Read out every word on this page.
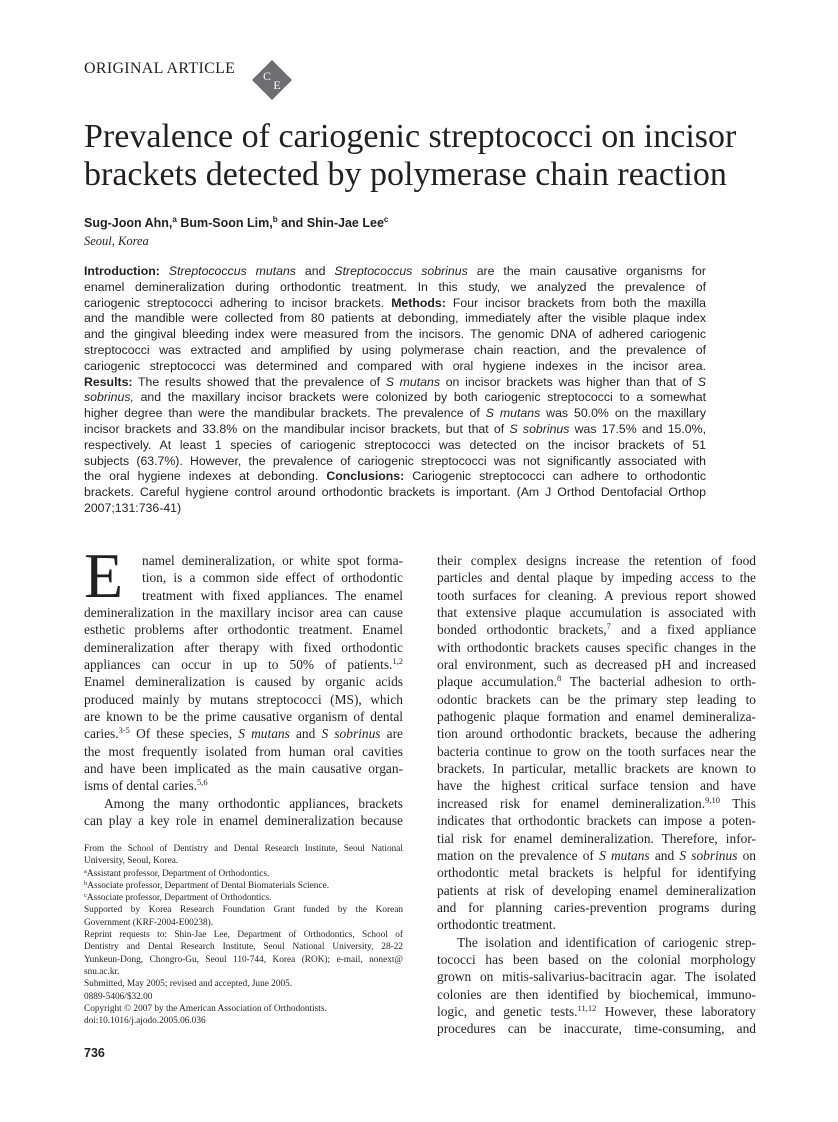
ORIGINAL ARTICLE C
E
Prevalence of cariogenic streptococci on incisor
brackets detected by polymerase chain reaction
Sug-Joon Ahn,$^a$ Bum-Soon Lim,$^b$ and Shin-Jae Lee$^c$
Seoul, Korea
Introduction: Streptococcus mutans and Streptococcus sobrinus are the main causative organisms for
enamel demineralization during orthodontic treatment. In this study, we analyzed the prevalence of
cariogenic streptococci adhering to incisor brackets. Methods: Four incisor brackets from both the maxilla
and the mandible were collected from 80 patients at debonding, immediately after the visible plaque index
and the gingival bleeding index were measured from the incisors. The genomic DNA of adhered cariogenic
streptococci was extracted and amplified by using polymerase chain reaction, and the prevalence of
cariogenic streptococci was determined and compared with oral hygiene indexes in the incisor area.
Results: The results showed that the prevalence of S mutans on incisor brackets was higher than that of S
sobrinus, and the maxillary incisor brackets were colonized by both cariogenic streptococci to a somewhat
higher degree than were the mandibular brackets. The prevalence of S mutans was 50.0% on the maxillary
incisor brackets and 33.8% on the mandibular incisor brackets, but that of S sobrinus was 17.5% and 15.0%,
respectively. At least 1 species of cariogenic streptococci was detected on the incisor brackets of 51
subjects (63.7%). However, the prevalence of cariogenic streptococci was not significantly associated with
the oral hygiene indexes at debonding. Conclusions: Cariogenic streptococci can adhere to orthodontic
brackets. Careful hygiene control around orthodontic brackets is important. (Am J Orthod Dentofacial Orthop
2007;131:736-41)
E	namel demineralization, or white spot forma-
tion, is a common side effect of orthodontic
treatment with fixed appliances. The enamel
demineralization in the maxillary incisor area can cause
esthetic problems after orthodontic treatment. Enamel
demineralization after therapy with fixed orthodontic
appliances can occur in up to 50% of patients.$^{1,2}$
Enamel demineralization is caused by organic acids
produced mainly by mutans streptococci (MS), which
are known to be the prime causative organism of dental
caries.$^{3-5}$ Of these species, S mutans and S sobrinus are
the most frequently isolated from human oral cavities
and have been implicated as the main causative organ-
isms of dental caries.$^{5,6}$
Among the many orthodontic appliances, brackets
can play a key role in enamel demineralization because
their complex designs increase the retention of food
particles and dental plaque by impeding access to the
tooth surfaces for cleaning. A previous report showed
that extensive plaque accumulation is associated with
bonded orthodontic brackets,$^7$ and a fixed appliance
with orthodontic brackets causes specific changes in the
oral environment, such as decreased pH and increased
plaque accumulation.$^8$ The bacterial adhesion to orth-
odontic brackets can be the primary step leading to
pathogenic plaque formation and enamel demineraliza-
tion around orthodontic brackets, because the adhering
bacteria continue to grow on the tooth surfaces near the
brackets. In particular, metallic brackets are known to
have the highest critical surface tension and have
increased risk for enamel demineralization.$^{9,10}$ This
indicates that orthodontic brackets can impose a poten-
tial risk for enamel demineralization. Therefore, infor-
mation on the prevalence of S mutans and S sobrinus on
orthodontic metal brackets is helpful for identifying
patients at risk of developing enamel demineralization
and for planning caries-prevention programs during
orthodontic treatment.
The isolation and identification of cariogenic strep-
tococci has been based on the colonial morphology
grown on mitis-salivarius-bacitracin agar. The isolated
colonies are then identified by biochemical, immuno-
logic, and genetic tests.$^{11,12}$ However, these laboratory
procedures can be inaccurate, time-consuming, and
From the School of Dentistry and Dental Research Institute, Seoul National
University, Seoul, Korea.
$^a$Assistant professor, Department of Orthodontics.
$^b$Associate professor, Department of Dental Biomaterials Science.
$^c$Associate professor, Department of Orthodontics.
Supported by Korea Research Foundation Grant funded by the Korean
Government (KRF-2004-E00238).
Reprint requests to: Shin-Jae Lee, Department of Orthodontics, School of
Dentistry and Dental Research Institute, Seoul National University, 28-22
Yunkeun-Dong, Chongro-Gu, Seoul 110-744, Korea (ROK); e-mail, nonext@
snu.ac.kr.
Submitted, May 2005; revised and accepted, June 2005.
0889-5406/$32.00
Copyright © 2007 by the American Association of Orthodontists.
doi:10.1016/j.ajodo.2005.06.036
736
